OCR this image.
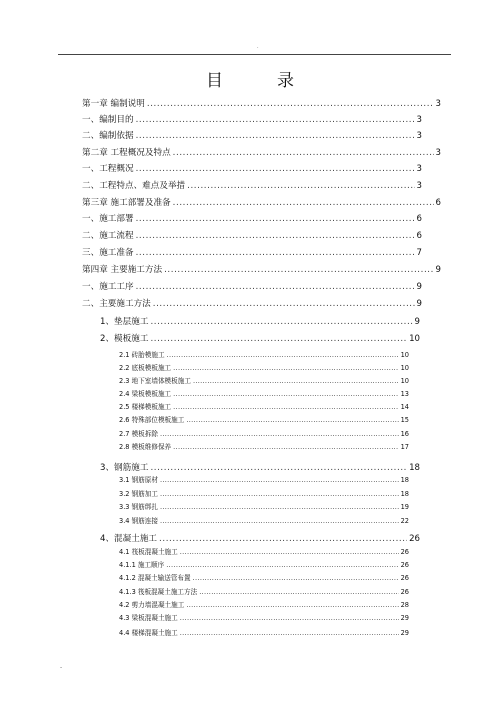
.
目	录
第一章 编制说明 .....	3
一、编制目的 .....	3
二、编制依据 .....	3
第二章 工程概况及特点 .....	3
一、工程概况 .....	3
二、工程特点、难点及举措 .....	3
第三章 施工部署及准备 .....	6
一、施工部署 .....	6
二、施工流程 .....	6
三、施工准备 .....	7
第四章 主要施工方法 .....	9
一、施工工序 .....	9
二、主要施工方法 .....	9
1、垫层施工 .....	9
2、模板施工 .....	10
2.1 砖胎模施工 .....	10
2.2 底板模板施工 .....	10
2.3 地下室墙体模板施工 .....	10
2.4 梁板模板施工 .....	13
2.5 楼梯模板施工 .....	14
2.6 特殊部位模板施工 .....	15
2.7 模板拆除 .....	16
2.8 模板维修保养 .....	17
3、钢筋施工 .....	18
3.1 钢筋原材 .....	18
3.2 钢筋加工 .....	18
3.3 钢筋绑扎 .....	19
3.4 钢筋连接 .....	22
4、混凝土施工 .....	26
4.1 筏板混凝土施工 .....	26
4.1.1 施工顺序 .....	26
4.1.2 混凝土输送管布置 .....	26
4.1.3 筏板混凝土施工方法 .....	26
4.2 剪力墙混凝土施工 .....	28
4.3 梁板混凝土施工 .....	29
4.4 楼梯混凝土施工 .....	29
-
